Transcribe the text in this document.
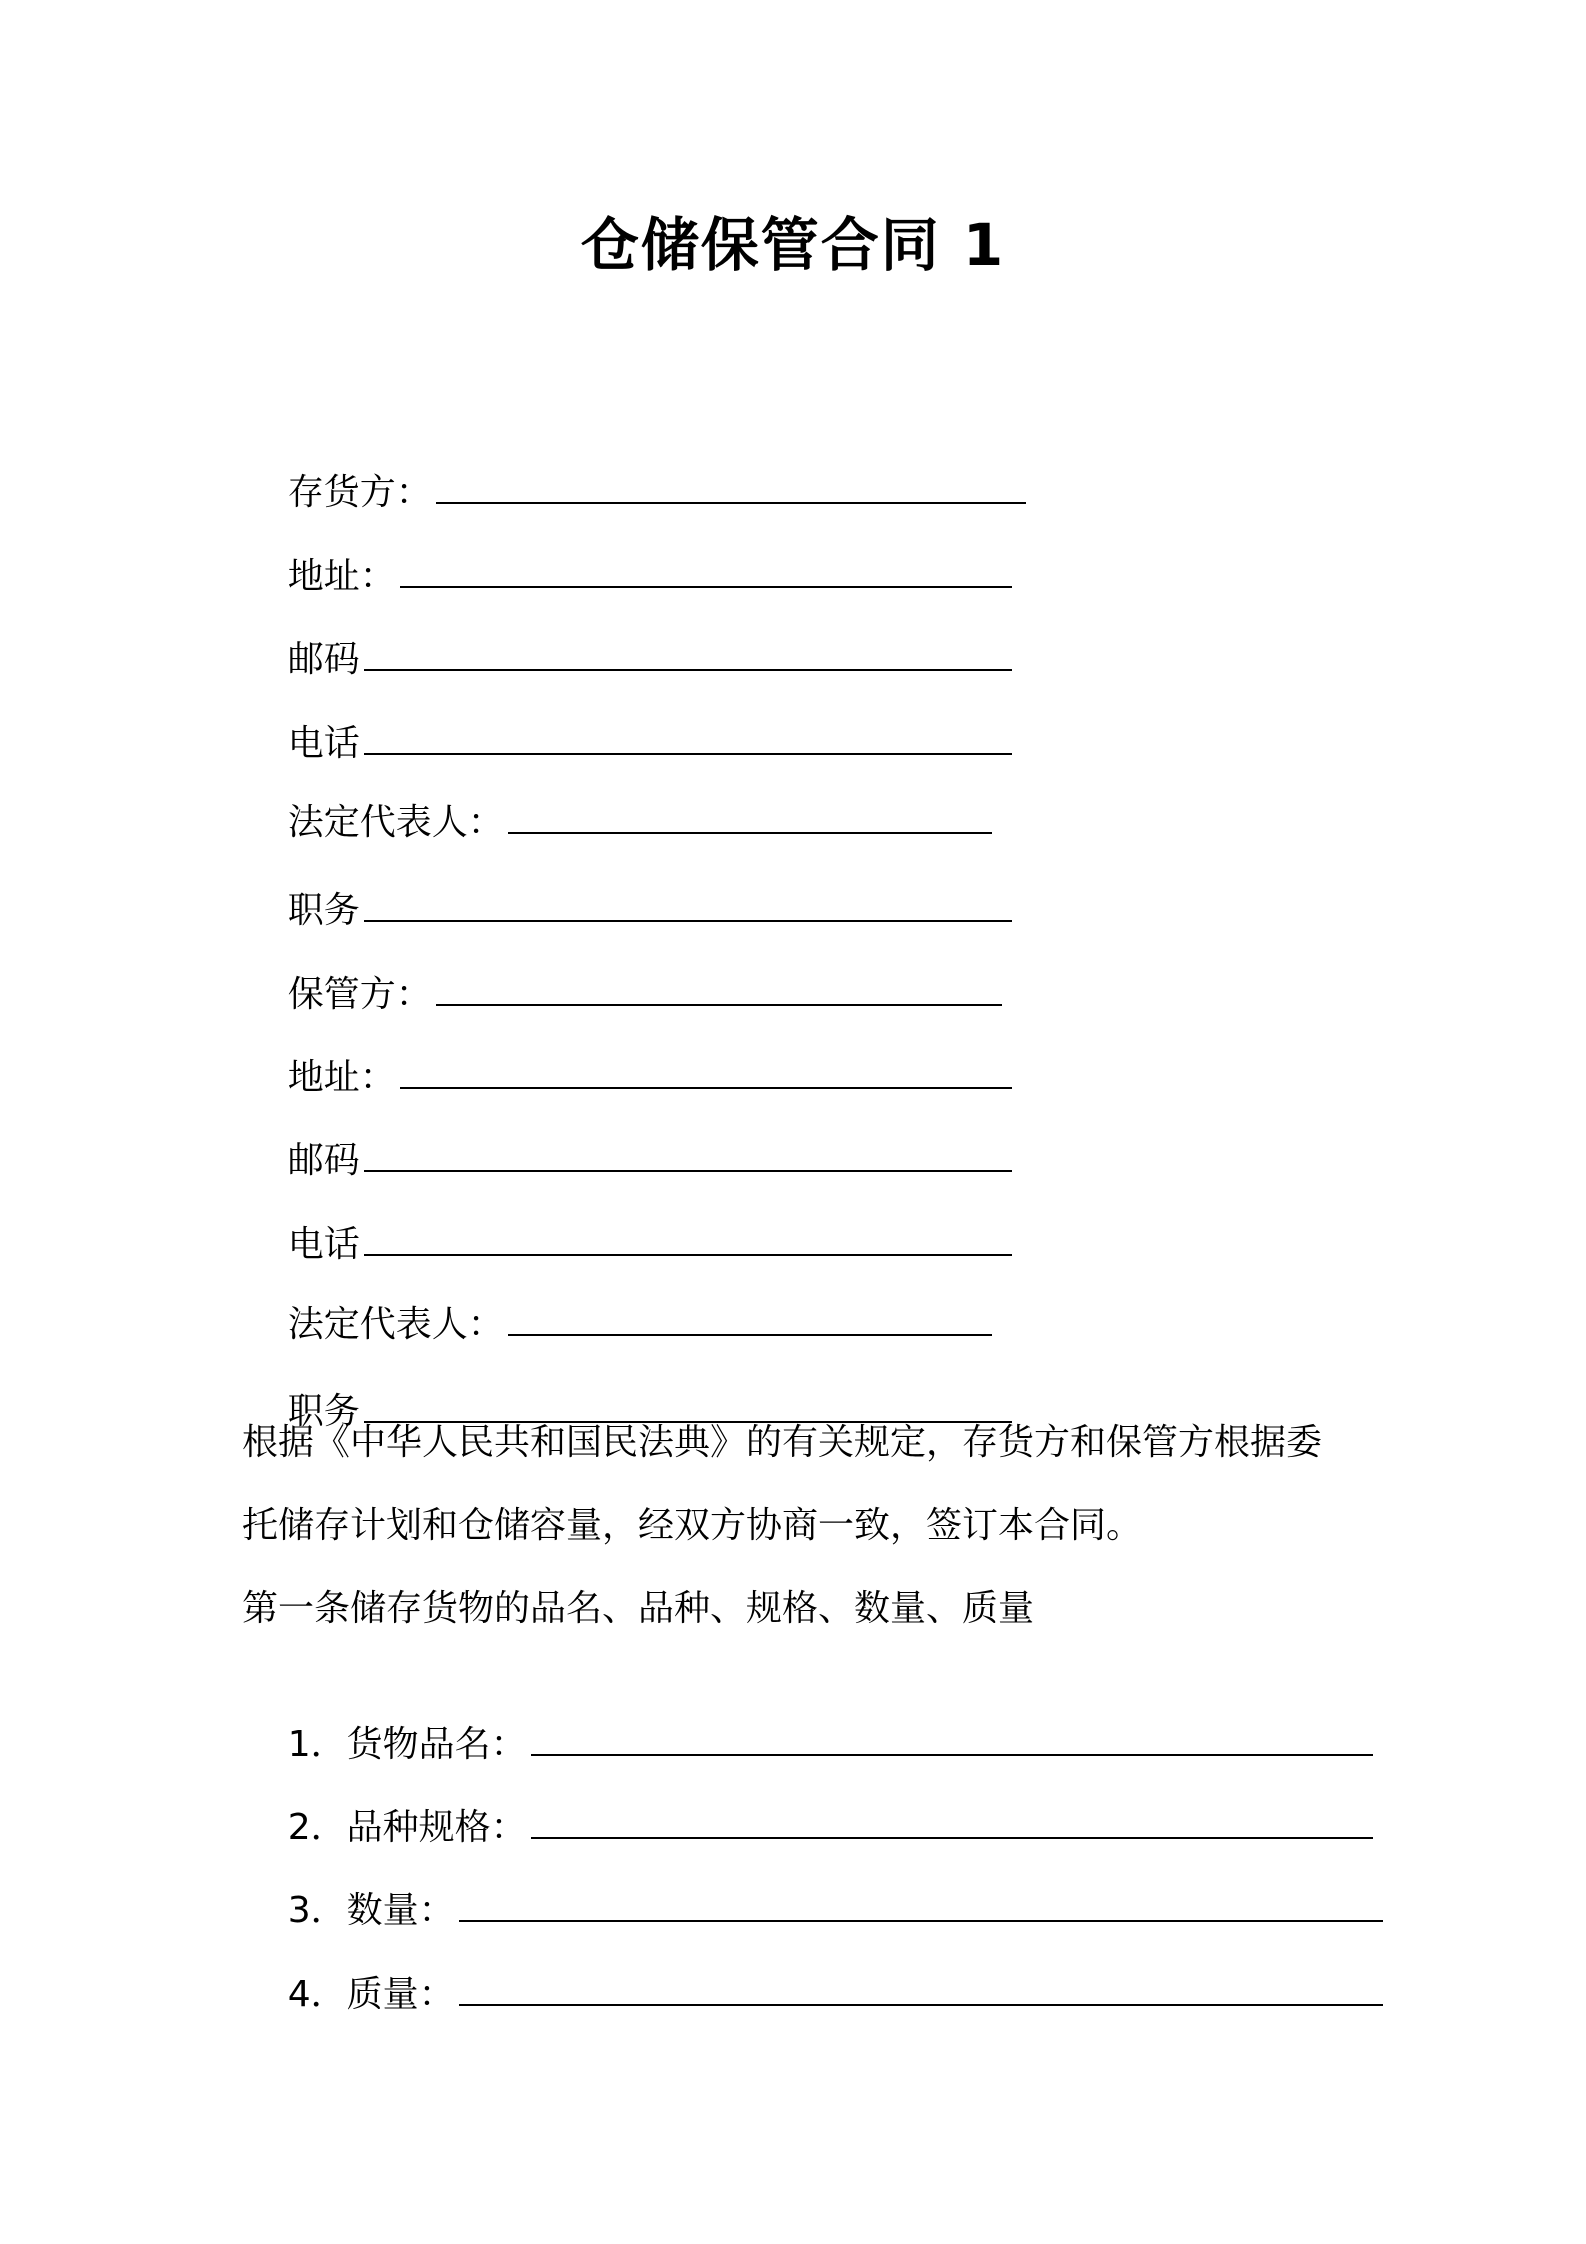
仓储保管合同 1

存货方：

地址：

邮码

电话

法定代表人：

职务

保管方：

地址：

邮码

电话

法定代表人：

职务

根据《中华人民共和国民法典》的有关规定，存货方和保管方根据委
托储存计划和仓储容量，经双方协商一致，签订本合同。
第一条储存货物的品名、品种、规格、数量、质量

1．货物品名：

2．品种规格：

3．数量：

4．质量：
